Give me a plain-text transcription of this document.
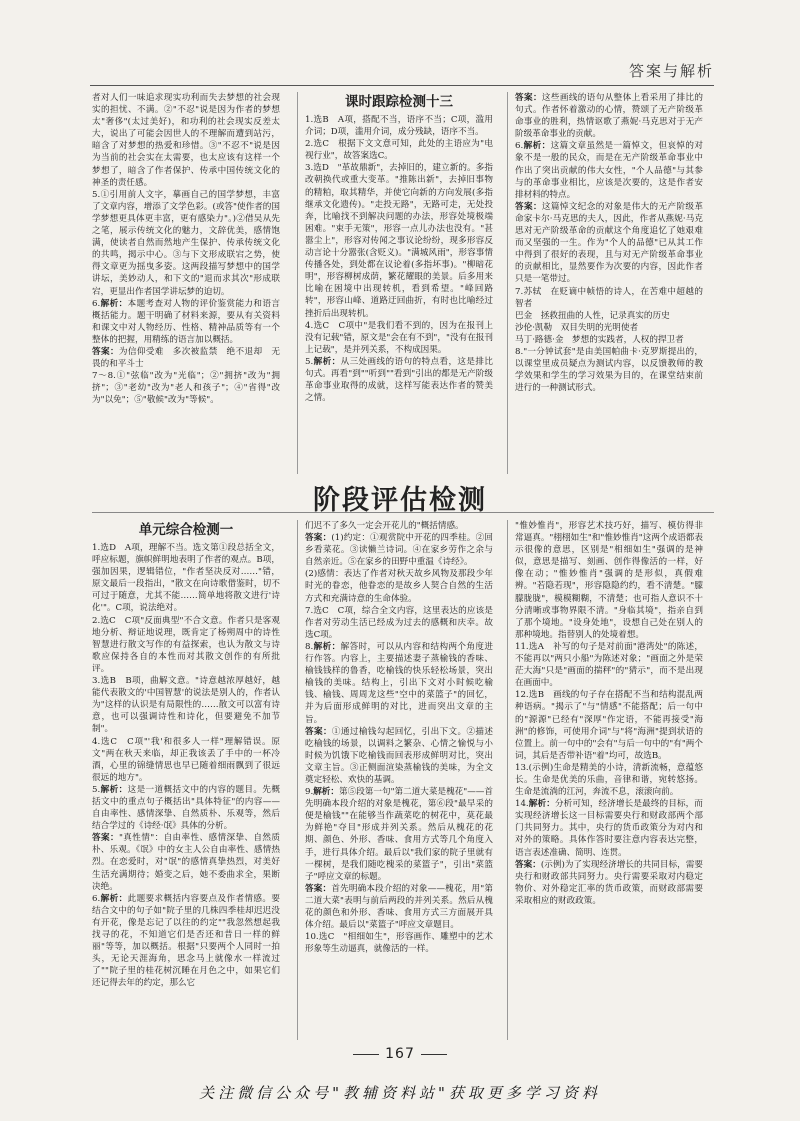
答案与解析

者对人们一味追求现实功利而失去梦想的社会现实的担忧、不满。②"不忍"说是因为作者的梦想太"奢侈"(太过美好)，和功利的社会现实反差太大，说出了可能会因世人的不理解而遭到站污，暗含了对梦想的热爱和珍惜。③"不忍不"说是因为当前的社会实在太需要，也太应该有这样一个梦想了，暗含了作者保护、传承中国传统文化的神圣的责任感。

5.①引用前人文字，摹画自己的国学梦想，丰富了文章内容，增添了文学色彩。(或答"使作者的国学梦想更具体更丰富，更有感染力"。)②借吴从先之笔，展示传统文化的魅力，文辞优美，感情饱满，使读者自然而然地产生保护、传承传统文化的共鸣，揭示中心。③与下文形成联宕之势，使得文章更为摇曳多姿。这两段描写梦想中的国学讲坛，美妙动人，和下文的"退而求其次"形成联宕，更显出作者国学讲坛梦的迫切。

6.解析：本题考查对人物的评价鉴赏能力和语言概括能力。题干明确了材料来源，要从有关资料和课文中对人物经历、性格、精神品质等有一个整体的把握，用精练的语言加以概括。

答案：为信仰受难　多次被监禁　绝不退却　无畏的和平斗士

7～8.①"弦临"改为"光临"；②"拥挤"改为"拥挤"；③"老幼"改为"老人和孩子"；④"省得"改为"以免"；⑤"敬候"改为"等候"。

课时跟踪检测十三

1.选B　A项，搭配不当，语序不当；C项，滥用介词；D项，滥用介词，成分残缺，语序不当。

2.选C　根据下文文意可知，此处的主语应为"电视行业"，故答案选C。

3.选D　"革故鼎新"，去掉旧的，建立新的。多指改朝换代或重大变革。"推陈出新"，去掉旧事物的精粕，取其精华，并使它向新的方向发展(多指继承文化遗传)。"走投无路"，无路可走，无处投奔，比喻找不到解决问题的办法，形容处境极端困难。"束手无策"，形容一点儿办法也没有。"甚嚣尘上"，形容对传闻之事议论纷纷，现多形容反动言论十分嚣张(含贬义)。"满城风雨"，形容事情传播各处，到处都在议论着(多指坏事)。"柳暗花明"，形容柳树成荫，繁花耀眼的美景。后多用来比喻在困境中出现转机，看到希望。"峰回路转"，形容山峰、道路迂回曲折，有时也比喻经过挫折后出现转机。

4.选C　C项中"是我们看不到的，因为在报刊上没有记载"错，原文是"会在有不到"，"没有在报刊上记载"，是并列关系，不构成因果。

5.解析：从三处画线的语句的特点看，这是排比句式。再看"到""听到""看到"引出的都是无产阶级革命事业取得的成就，这样写能表达作者的赞美之情。

答案：这些画线的语句从整体上看采用了排比的句式。作者怀着激动的心情，赞颂了无产阶级革命事业的胜利，热情讴歌了燕妮·马克思对于无产阶级革命事业的贡献。

6.解析：这篇文章虽然是一篇悼文，但哀悼的对象不是一般的民众，而是在无产阶级革命事业中作出了突出贡献的伟大女性，"个人品德"与其参与的革命事业相比，应该是次要的，这是作者安排材料的特点。

答案：这篇悼文纪念的对象是伟大的无产阶级革命家卡尔·马克思的夫人，因此，作者从燕妮·马克思对无产阶级革命的贡献这个角度追忆了她艰难而又坚强的一生。作为"个人的品德"已从其工作中得到了很好的表现，且与对无产阶级革命事业的贡献相比，显然要作为次要的内容，因此作者只是一笔带过。

7.苏轼　在贬谪中帧悟的诗人，在苦难中超越的智者

巴金　拯救扭曲的人性，记录真实的历史

沙伦·凯勒　双目失明的光明使者

马丁·路德·金　梦想的实践者，人权的捍卫者

8."一分钟试套"是由美国帕曲卡·克罗斯提出的，以课堂里成员疑点为测试内容，以反馈教师的教学效果和学生的学习效果为目的，在课堂结束前进行的一种测试形式。

阶段评估检测
单元综合检测一

1.选D　A项，理解不当。选文第①段总括全文，呼应标题，旗帜鲜明地表明了作者的观点。B项，强加因果，逻辑错位，"作者坚决反对……"错，原文最后一段指出，"散文在向诗歌借鉴时，切不可过于随意，尤其不能……简单地将散文进行'诗化'"。C项，说法绝对。

2.选C　C项"反面典型"不合文意。作者只是客观地分析、辩证地说理，既肯定了杨朔周中的诗性智慧进行散文写作的有益探索，也认为散文与诗歌应保持各自的本性而对其散文创作的有所批评。

3.选B　B项，曲解文意。"诗意越浓厚越好，越能代表散文的'中国智慧'的说法是别人的，作者认为"这样的认识是有局限性的……散文可以富有诗意，也可以强调诗性和诗化，但要避免不加节制"。

4.选C　C项"'我'和很多人一样"理解错误。原文"两在秋天来临，却正我该丢了手中的一杯冷酒，心里的锦缝情思也早已随着细雨飘到了很远很远的地方"。

5.解析：这是一道概括文中的内容的题目。先概括文中的重点句子概括出"具体特征"的内容——自由率性、感情深挚、自然质朴、乐观等，然后结合学过的《诗经·氓》具体的分析。

答案："真性情"：自由率性、感情深挚、自然质朴、乐观。《氓》中的女主人公自由率性、感情热烈。在恋爱时，对"氓"的感情真挚热烈，对美好生活充满期待；婚变之后，她不委曲求全，果断决绝。

6.解析：此题要求概括内容要点及作者情感。要结合文中的句子如"院子里的几株四季桂却迟迟没有开花，像是忘记了以往的约定""我忽然想起我找寻的花，不知道它们是否还和昔日一样的鲜丽"等等，加以概括。根据"只要两个人同时一拍头，无论天涯海角，思念马上就像水一样流过了""院子里的桂花树沉睡在月色之中，如果它们还记得去年的约定，那么它

们迟不了多久一定会开花儿的"概括情感。

答案：(1)约定：①观赏院中开花的四季桂。②回乡看菜花。③读懒兰诗词。④在家乡劳作之余与自然亲近。⑤在家乡的田野中重温《诗经》。

(2)感情：表达了作者对秋天故乡风物及那段少年时光的眷恋，他眷恋的是故乡人契合自然的生活方式和充满诗意的生命体验。

7.选C　C项，综合全文内容，这里表达的应该是作者对劳动生活已经成为过去的感概和庆幸。故选C项。

8.解析：解答时，可以从内容和结构两个角度进行作答。内容上，主要描述妻子蒸榆钱的香味、榆钱钱样的鲁香，吃榆钱的快乐轻松场景，突出榆钱的美味。结构上，引出下文对小时候吃榆钱、榆钱、周周龙这些"空中的菜篮子"的回忆，并为后面形成鲜明的对比，进而突出文章的主旨。

答案：①通过榆钱勾起回忆，引出下文。②描述吃榆钱的场景，以调料之繁杂、心情之愉悦与小时候为饥饿下吃榆钱而回表形成鲜明对比，突出文章主旨。③正侧面渲染蒸榆钱的美味，为全文奠定轻松、欢快的基调。

9.解析：第⑤段第一句"第二道大菜是槐花"——首先明确本段介绍的对象是槐花，第⑥段"最早采的便是榆钱""在能够当作蔬菜吃的树花中，莫花最为鲜艳"夺目"形成并列关系。然后从槐花的花期、颜色、外形、香味、食用方式等几个角度入手，进行具体介绍。最后以"我们家的院子里就有一棵树，是我们随吃槐采的菜篮子"，引出"菜篮子"呼应文章的标题。

答案：首先明确本段介绍的对象——槐花，用"第二道大菜"表明与前后两段的并列关系。然后从槐花的颜色和外形、香味、食用方式三方面展开具体介绍。最后以"菜篮子"呼应文章题目。

10.选C　"相细如生"，形容画作、雕塑中的艺术形象等生动逼真，就像活的一样。

"惟妙惟肖"，形容艺术技巧好，描写、模仿得非常逼真。"栩栩如生"和"惟妙惟肖"这两个成语都表示很像的意思，区别是"相细如生"强调的是神似，意思是描写、刻画、创作得像活的一样，好像在动；"惟妙惟肖"强调的是形似，真假难辨。"若隐若现"，形容隐隐约约，看不清楚。"朦朦胧胧"，模模糊糊，不清楚；也可指人意识不十分清晰或事物界限不清。"身临其境"，指亲自到了那个境地。"设身处地"，设想自己处在别人的那种境地。指替别人的处境着想。

11.选A　补写的句子是对前面"港湾处"的陈述，不能再以"两只小船"为陈述对象；"画面之外是荣茫大海"只是"画面的揣秤"的"猜示"，而不是出现在画面中。

12.选B　画线的句子存在搭配不当和结构混乱两种语病。"揭示了"与"情感"不能搭配；后一句中的"源源"已经有"深厚"作定语，不能再接受"海洲"的修饰，可使用介词"与"将"海洲"提到状语的位置上。前一句中的"会有"与后一句中的"有"两个词，其后是否带补语"着"均可，故选B。

13.(示例)生命是精美的小诗，清新流畅，意蕴悠长。生命是优美的乐曲，音律和谐，宛转悠扬。生命是流淌的江河，奔流不息，滚滚向前。

14.解析：分析可知，经济增长是最终的目标，而实现经济增长这一目标需要央行和财政部两个部门共同努力。其中，央行的货币政策分为对内和对外的策略。具体作答时要注意内容表达完整，语言表述准确、简明、连贯。

答案：(示例)为了实现经济增长的共同目标，需要央行和财政部共同努力。央行需要采取对内稳定物价、对外稳定汇率的货币政策，而财政部需要采取相应的财政政策。

167
关注微信公众号"教辅资料站"获取更多学习资料
